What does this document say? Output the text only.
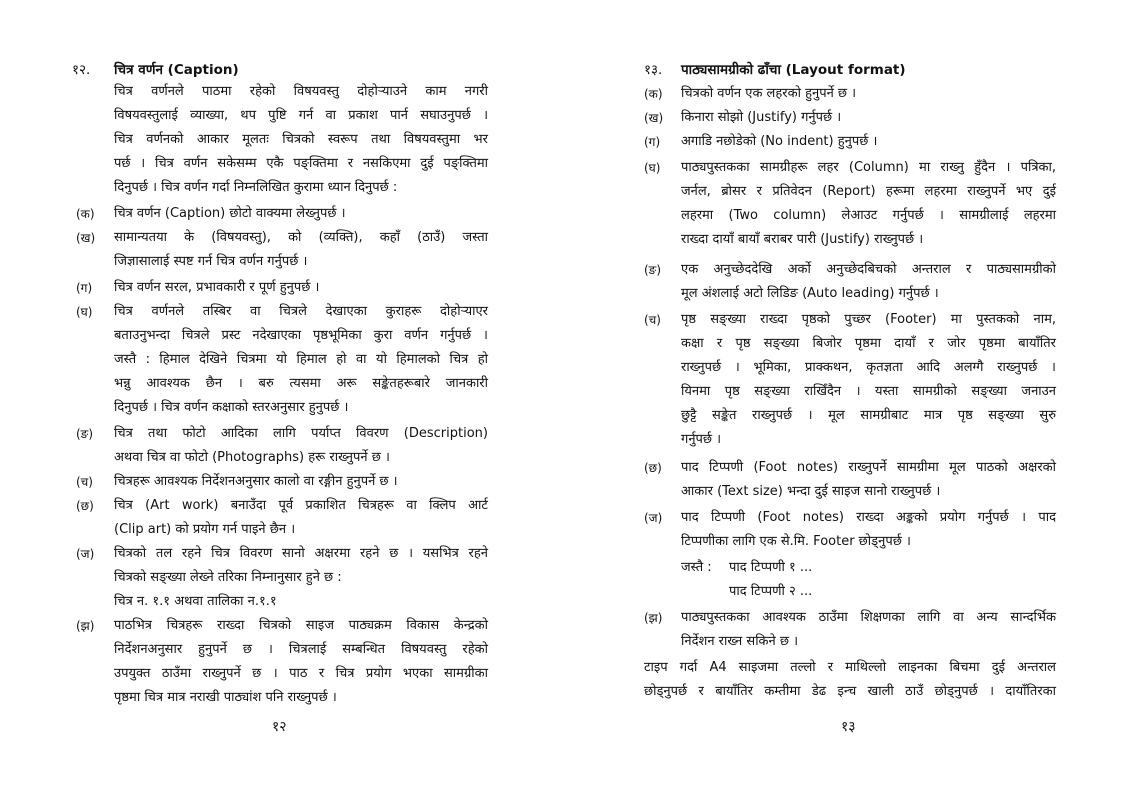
१२. चित्र वर्णन (Caption)
चित्र वर्णनले पाठमा रहेको विषयवस्तु दोहोऱ्याउने काम नगरी
विषयवस्तुलाई व्याख्या, थप पुष्टि गर्न वा प्रकाश पार्न सघाउनुपर्छ ।
चित्र वर्णनको आकार मूलतः चित्रको स्वरूप तथा विषयवस्तुमा भर
पर्छ । चित्र वर्णन सकेसम्म एकै पङ्क्तिमा र नसकिएमा दुई पङ्क्तिमा
दिनुपर्छ । चित्र वर्णन गर्दा निम्नलिखित कुरामा ध्यान दिनुपर्छ :
(क) चित्र वर्णन (Caption) छोटो वाक्यमा लेख्नुपर्छ ।
(ख) सामान्यतया के (विषयवस्तु), को (व्यक्ति), कहाँ (ठाउँ) जस्ता
जिज्ञासालाई स्पष्ट गर्न चित्र वर्णन गर्नुपर्छ ।
(ग) चित्र वर्णन सरल, प्रभावकारी र पूर्ण हुनुपर्छ ।
(घ) चित्र वर्णनले तस्बिर वा चित्रले देखाएका कुराहरू दोहोऱ्याएर
बताउनुभन्दा चित्रले प्रस्ट नदेखाएका पृष्ठभूमिका कुरा वर्णन गर्नुपर्छ ।
जस्तै : हिमाल देखिने चित्रमा यो हिमाल हो वा यो हिमालको चित्र हो
भन्नु आवश्यक छैन । बरु त्यसमा अरू सङ्केतहरूबारे जानकारी
दिनुपर्छ । चित्र वर्णन कक्षाको स्तरअनुसार हुनुपर्छ ।
(ङ) चित्र तथा फोटो आदिका लागि पर्याप्त विवरण (Description)
अथवा चित्र वा फोटो (Photographs) हरू राख्नुपर्ने छ ।
(च) चित्रहरू आवश्यक निर्देशनअनुसार कालो वा रङ्गीन हुनुपर्ने छ ।
(छ) चित्र (Art work) बनाउँदा पूर्व प्रकाशित चित्रहरू वा क्लिप आर्ट
(Clip art) को प्रयोग गर्न पाइने छैन ।
(ज) चित्रको तल रहने चित्र विवरण सानो अक्षरमा रहने छ । यसभित्र रहने
चित्रको सङ्ख्या लेख्ने तरिका निम्नानुसार हुने छ :
चित्र न. १.१ अथवा तालिका न.१.१
(झ) पाठभित्र चित्रहरू राख्दा चित्रको साइज पाठ्यक्रम विकास केन्द्रको
निर्देशनअनुसार हुनुपर्ने छ । चित्रलाई सम्बन्धित विषयवस्तु रहेको
उपयुक्त ठाउँमा राख्नुपर्ने छ । पाठ र चित्र प्रयोग भएका सामग्रीका
पृष्ठमा चित्र मात्र नराखी पाठ्यांश पनि राख्नुपर्छ ।
१२
१३. पाठ्यसामग्रीको ढाँचा (Layout format)
(क) चित्रको वर्णन एक लहरको हुनुपर्ने छ ।
(ख) किनारा सोझो (Justify) गर्नुपर्छ ।
(ग) अगाडि नछोडेको (No indent) हुनुपर्छ ।
(घ) पाठ्यपुस्तकका सामग्रीहरू लहर (Column) मा राख्नु हुँदैन । पत्रिका,
जर्नल, ब्रोसर र प्रतिवेदन (Report) हरूमा लहरमा राख्नुपर्ने भए दुई
लहरमा (Two column) लेआउट गर्नुपर्छ । सामग्रीलाई लहरमा
राख्दा दायाँ बायाँ बराबर पारी (Justify) राख्नुपर्छ ।
(ङ) एक अनुच्छेददेखि अर्को अनुच्छेदबिचको अन्तराल र पाठ्यसामग्रीको
मूल अंशलाई अटो लिडिङ (Auto leading) गर्नुपर्छ ।
(च) पृष्ठ सङ्ख्या राख्दा पृष्ठको पुच्छर (Footer) मा पुस्तकको नाम,
कक्षा र पृष्ठ सङ्ख्या बिजोर पृष्ठमा दायाँ र जोर पृष्ठमा बायाँतिर
राख्नुपर्छ । भूमिका, प्राक्कथन, कृतज्ञता आदि अलग्गै राख्नुपर्छ ।
यिनमा पृष्ठ सङ्ख्या राखिँदैन । यस्ता सामग्रीको सङ्ख्या जनाउन
छुट्टै सङ्केत राख्नुपर्छ । मूल सामग्रीबाट मात्र पृष्ठ सङ्ख्या सुरु
गर्नुपर्छ ।
(छ) पाद टिप्पणी (Foot notes) राख्नुपर्ने सामग्रीमा मूल पाठको अक्षरको
आकार (Text size) भन्दा दुई साइज सानो राख्नुपर्छ ।
(ज) पाद टिप्पणी (Foot notes) राख्दा अङ्कको प्रयोग गर्नुपर्छ । पाद
टिप्पणीका लागि एक से.मि. Footer छोड्नुपर्छ ।
जस्तै : पाद टिप्पणी १ ...
पाद टिप्पणी २ ...
(झ) पाठ्यपुस्तकका आवश्यक ठाउँमा शिक्षणका लागि वा अन्य सान्दर्भिक
निर्देशन राख्न सकिने छ ।
टाइप गर्दा A4 साइजमा तल्लो र माथिल्लो लाइनका बिचमा दुई अन्तराल
छोड्नुपर्छ र बायाँतिर कम्तीमा डेढ इन्च खाली ठाउँ छोड्नुपर्छ । दायाँतिरका
१३
